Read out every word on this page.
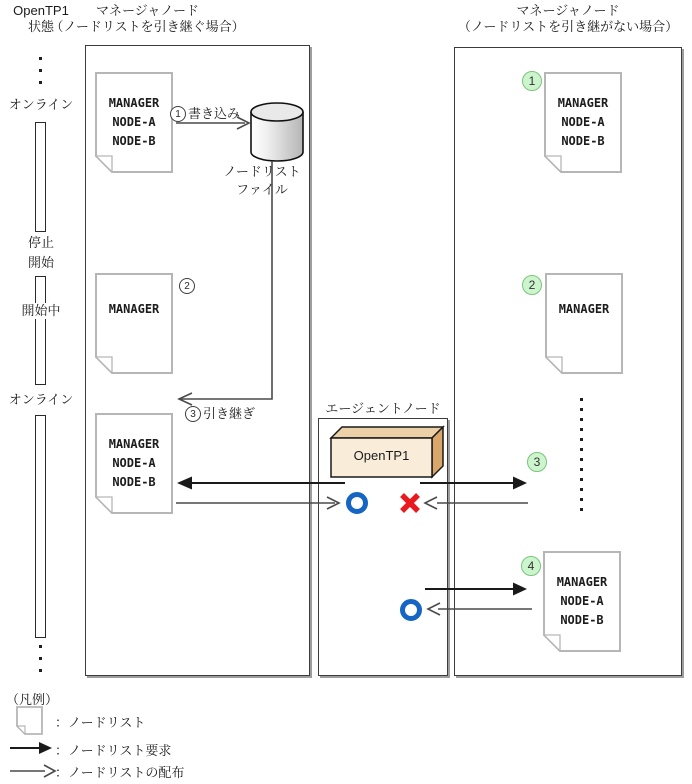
OpenTP1
状態
マネージャノード
（ノードリストを引き継ぐ場合）
マネージャノード
（ノードリストを引き継がない場合）
オンライン
停止
開始
開始中
オンライン
エージェントノード
MANAGER
NODE-A
NODE-B
MANAGER
MANAGER
NODE-A
NODE-B
MANAGER
NODE-A
NODE-B
MANAGER
MANAGER
NODE-A
NODE-B
1
2
3
4
2
ノードリスト
ファイル
OpenTP1
1 書き込み
3 引き継ぎ
（凡例）
：ノードリスト
：ノードリスト要求
：ノードリストの配布
